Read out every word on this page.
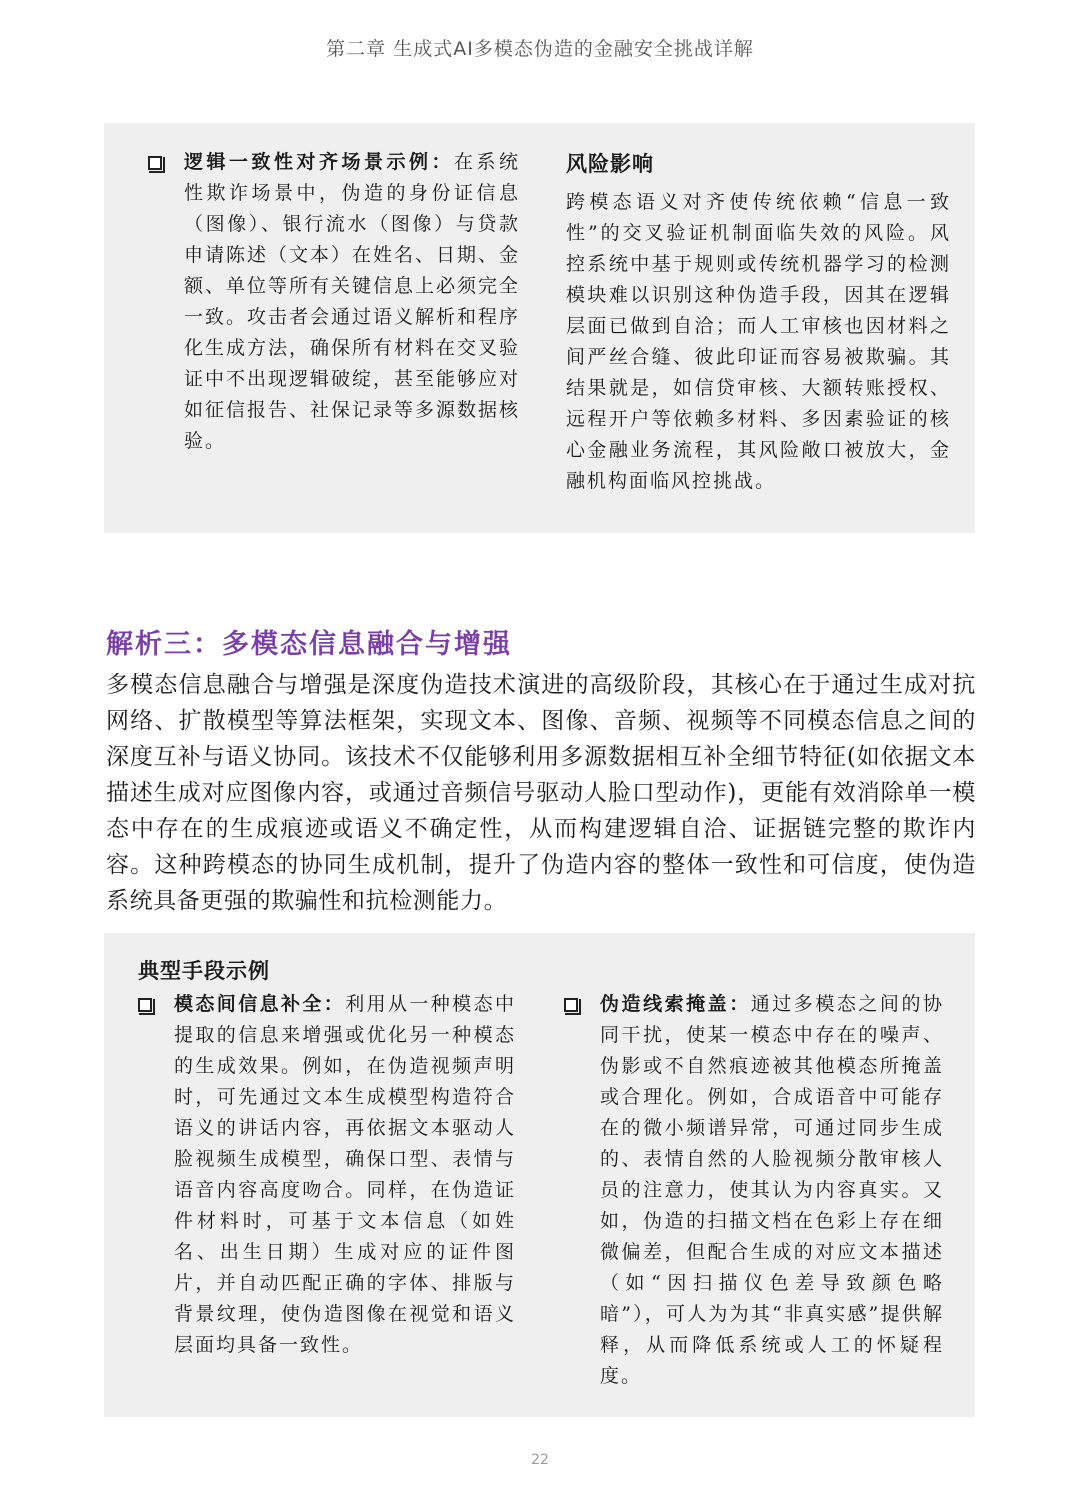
第二章 生成式AI多模态伪造的金融安全挑战详解

逻辑一致性对齐场景示例：在系统性欺诈场景中，伪造的身份证信息（图像）、银行流水（图像）与贷款申请陈述（文本）在姓名、日期、金额、单位等所有关键信息上必须完全一致。攻击者会通过语义解析和程序化生成方法，确保所有材料在交叉验证中不出现逻辑破绽，甚至能够应对如征信报告、社保记录等多源数据核验。

风险影响

跨模态语义对齐使传统依赖“信息一致性”的交叉验证机制面临失效的风险。风控系统中基于规则或传统机器学习的检测模块难以识别这种伪造手段，因其在逻辑层面已做到自洽；而人工审核也因材料之间严丝合缝、彼此印证而容易被欺骗。其结果就是，如信贷审核、大额转账授权、远程开户等依赖多材料、多因素验证的核心金融业务流程，其风险敞口被放大，金融机构面临风控挑战。

解析三：多模态信息融合与增强

多模态信息融合与增强是深度伪造技术演进的高级阶段，其核心在于通过生成对抗网络、扩散模型等算法框架，实现文本、图像、音频、视频等不同模态信息之间的深度互补与语义协同。该技术不仅能够利用多源数据相互补全细节特征(如依据文本描述生成对应图像内容，或通过音频信号驱动人脸口型动作)，更能有效消除单一模态中存在的生成痕迹或语义不确定性，从而构建逻辑自洽、证据链完整的欺诈内容。这种跨模态的协同生成机制，提升了伪造内容的整体一致性和可信度，使伪造系统具备更强的欺骗性和抗检测能力。

典型手段示例

模态间信息补全：利用从一种模态中提取的信息来增强或优化另一种模态的生成效果。例如，在伪造视频声明时，可先通过文本生成模型构造符合语义的讲话内容，再依据文本驱动人脸视频生成模型，确保口型、表情与语音内容高度吻合。同样，在伪造证件材料时，可基于文本信息（如姓名、出生日期）生成对应的证件图片，并自动匹配正确的字体、排版与背景纹理，使伪造图像在视觉和语义层面均具备一致性。

伪造线索掩盖：通过多模态之间的协同干扰，使某一模态中存在的噪声、伪影或不自然痕迹被其他模态所掩盖或合理化。例如，合成语音中可能存在的微小频谱异常，可通过同步生成的、表情自然的人脸视频分散审核人员的注意力，使其认为内容真实。又如，伪造的扫描文档在色彩上存在细微偏差，但配合生成的对应文本描述（如“因扫描仪色差导致颜色略暗”），可人为为其“非真实感”提供解释，从而降低系统或人工的怀疑程度。

22
